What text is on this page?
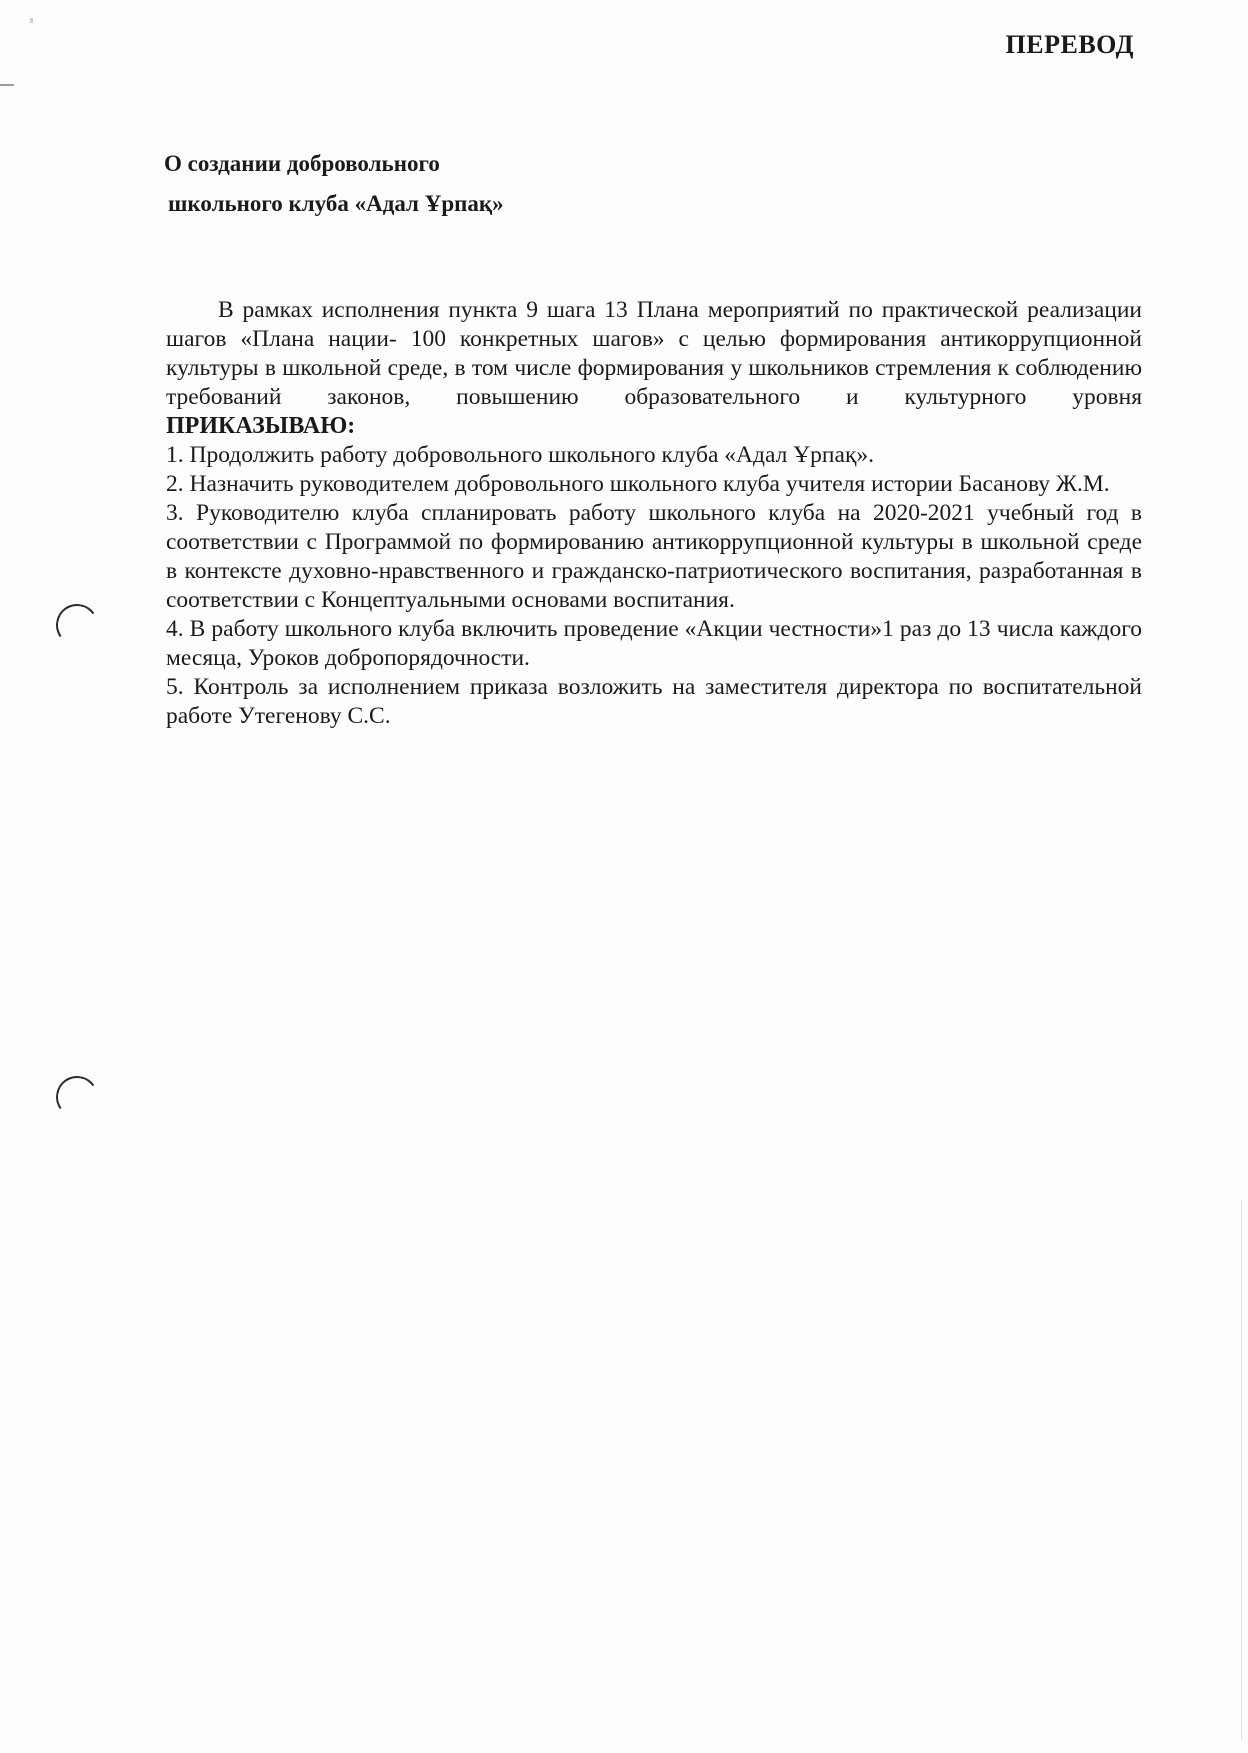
ПЕРЕВОД
О создании добровольного
школьного клуба «Адал Ұрпақ»

В рамках исполнения пункта 9 шага 13 Плана мероприятий по практической реализации шагов «Плана нации- 100 конкретных шагов» с целью формирования антикоррупционной культуры в школьной среде, в том числе формирования у школьников стремления к соблюдению требований законов, повышению образовательного и культурного уровня

ПРИКАЗЫВАЮ:

1. Продолжить работу добровольного школьного клуба «Адал Ұрпақ».

2. Назначить руководителем добровольного школьного клуба учителя истории Басанову Ж.М.

3. Руководителю клуба спланировать работу школьного клуба на 2020-2021 учебный год в соответствии с Программой по формированию антикоррупционной культуры в школьной среде в контексте духовно-нравственного и гражданско-патриотического воспитания, разработанная в соответствии с Концептуальными основами воспитания.

4. В работу школьного клуба включить проведение «Акции честности»1 раз до 13 числа каждого месяца, Уроков добропорядочности.

5. Контроль за исполнением приказа возложить на заместителя директора по воспитательной работе Утегенову С.С.
